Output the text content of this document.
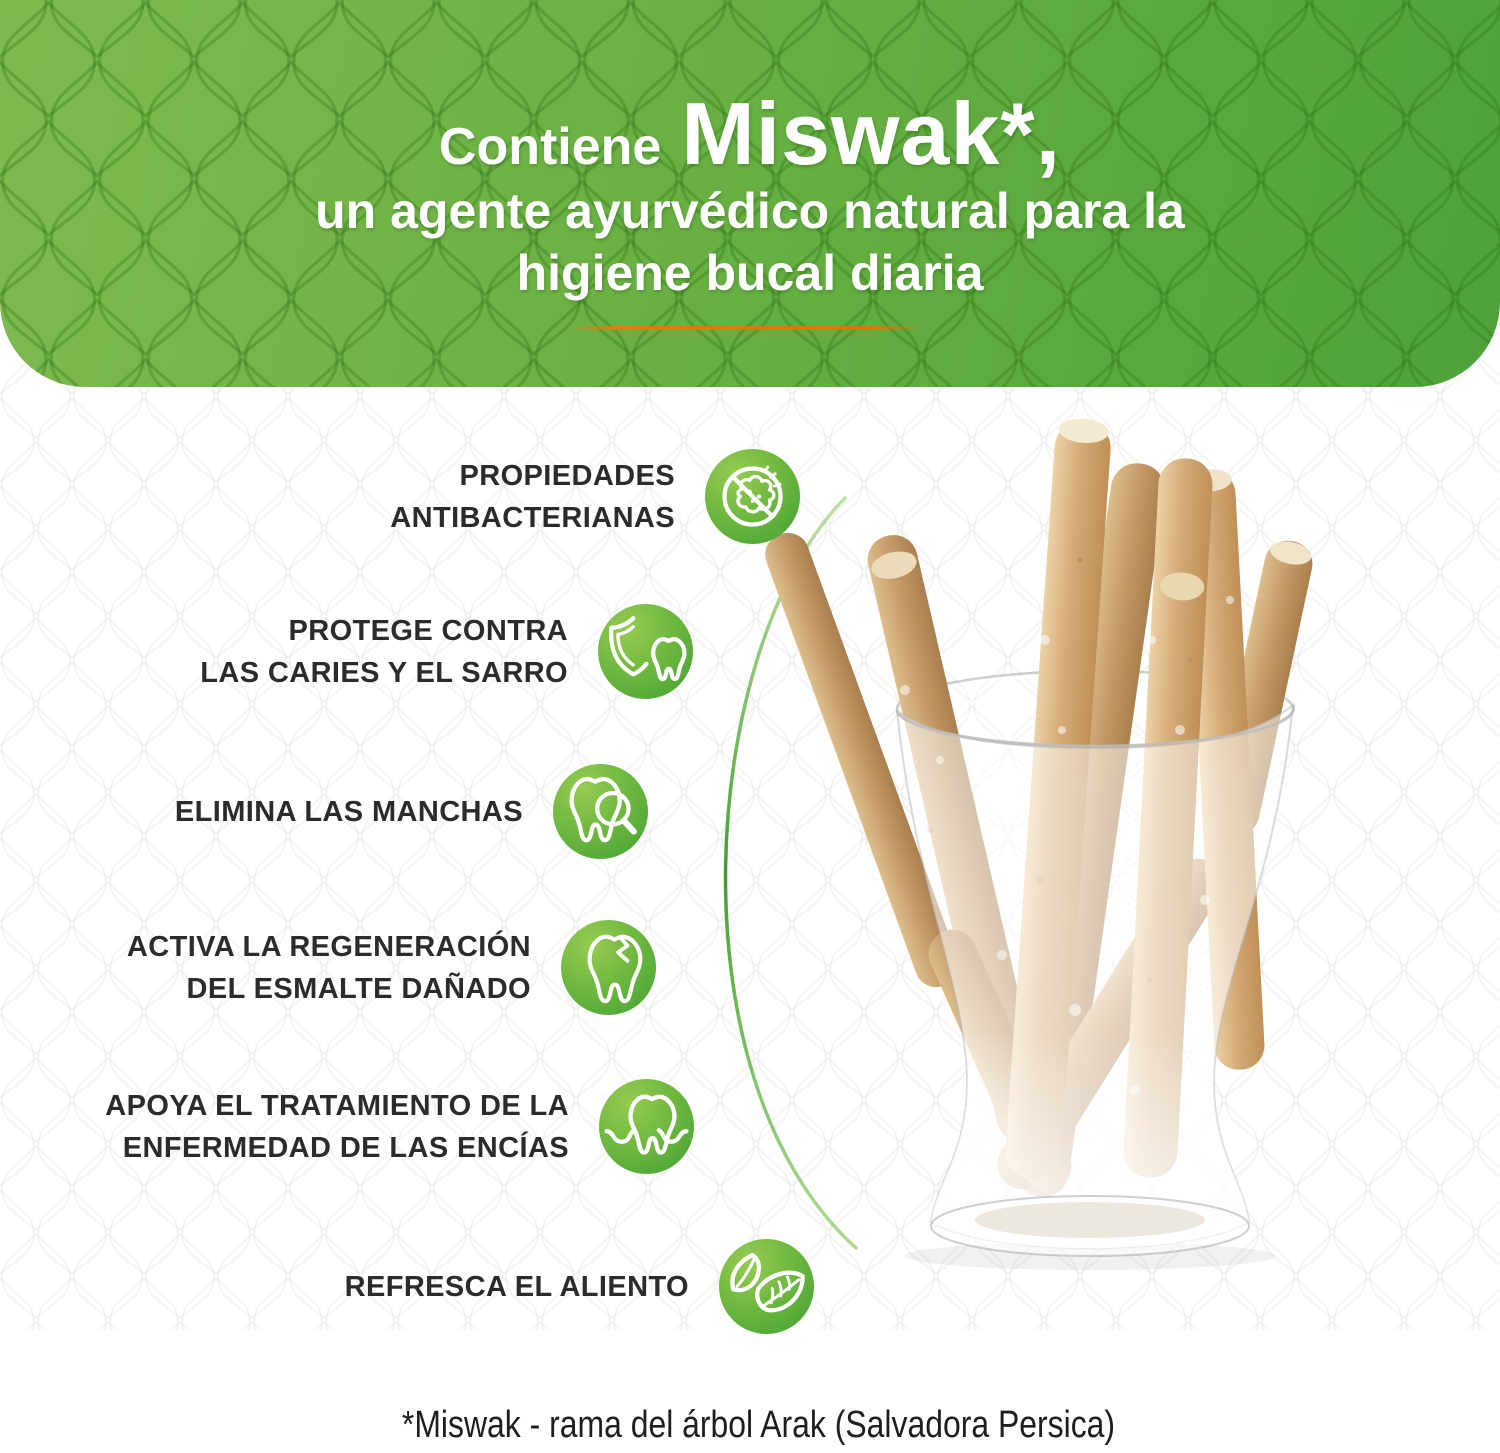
Contiene Miswak*,
un agente ayurvédico natural para la
higiene bucal diaria
PROPIEDADES
ANTIBACTERIANAS
PROTEGE CONTRA
LAS CARIES Y EL SARRO
ELIMINA LAS MANCHAS
ACTIVA LA REGENERACIÓN
DEL ESMALTE DAÑADO
APOYA EL TRATAMIENTO DE LA
ENFERMEDAD DE LAS ENCÍAS
REFRESCA EL ALIENTO
*Miswak - rama del árbol Arak (Salvadora Persica)
